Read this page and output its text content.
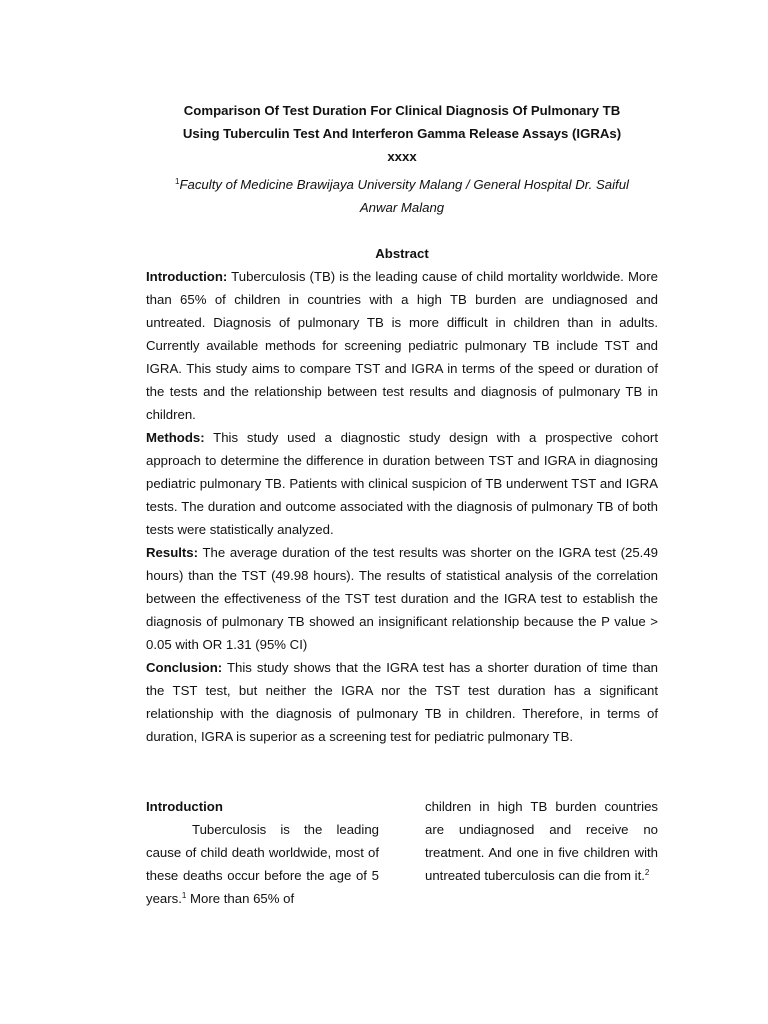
Comparison Of Test Duration For Clinical Diagnosis Of Pulmonary TB
Using Tuberculin Test And Interferon Gamma Release Assays (IGRAs)
xxxx
$^1$Faculty of Medicine Brawijaya University Malang / General Hospital Dr. Saiful
Anwar Malang
Abstract

Introduction: Tuberculosis (TB) is the leading cause of child mortality worldwide. More than 65% of children in countries with a high TB burden are undiagnosed and untreated. Diagnosis of pulmonary TB is more difficult in children than in adults. Currently available methods for screening pediatric pulmonary TB include TST and IGRA. This study aims to compare TST and IGRA in terms of the speed or duration of the tests and the relationship between test results and diagnosis of pulmonary TB in children.

Methods: This study used a diagnostic study design with a prospective cohort approach to determine the difference in duration between TST and IGRA in diagnosing pediatric pulmonary TB. Patients with clinical suspicion of TB underwent TST and IGRA tests. The duration and outcome associated with the diagnosis of pulmonary TB of both tests were statistically analyzed.

Results: The average duration of the test results was shorter on the IGRA test (25.49 hours) than the TST (49.98 hours). The results of statistical analysis of the correlation between the effectiveness of the TST test duration and the IGRA test to establish the diagnosis of pulmonary TB showed an insignificant relationship because the P value > 0.05 with OR 1.31 (95% CI)

Conclusion: This study shows that the IGRA test has a shorter duration of time than the TST test, but neither the IGRA nor the TST test duration has a significant relationship with the diagnosis of pulmonary TB in children. Therefore, in terms of duration, IGRA is superior as a screening test for pediatric pulmonary TB.

Introduction

Tuberculosis is the leading cause of child death worldwide, most of these deaths occur before the age of 5 years.$^1$ More than 65% of

children in high TB burden countries are undiagnosed and receive no treatment. And one in five children with untreated tuberculosis can die from it.$^2$
